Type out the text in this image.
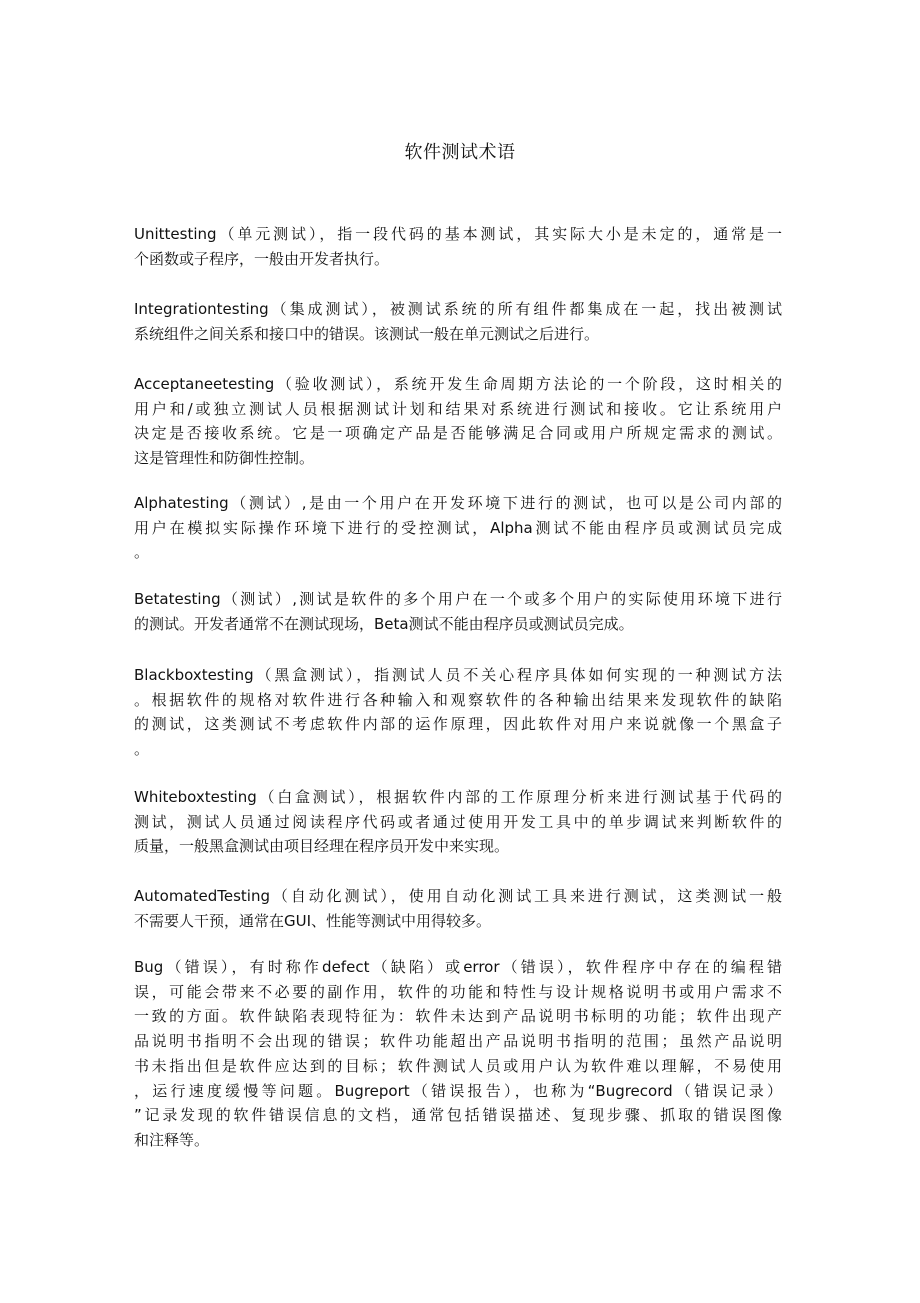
软件测试术语

Unittesting（单元测试），指一段代码的基本测试，其实际大小是未定的，通常是一
个函数或子程序，一般由开发者执行。

Integrationtesting（集成测试），被测试系统的所有组件都集成在一起，找出被测试
系统组件之间关系和接口中的错误。该测试一般在单元测试之后进行。

Acceptaneetesting（验收测试），系统开发生命周期方法论的一个阶段，这时相关的
用户和/或独立测试人员根据测试计划和结果对系统进行测试和接收。它让系统用户
决定是否接收系统。它是一项确定产品是否能够满足合同或用户所规定需求的测试。
这是管理性和防御性控制。

Alphatesting（测试）,是由一个用户在开发环境下进行的测试，也可以是公司内部的
用户在模拟实际操作环境下进行的受控测试，Alpha测试不能由程序员或测试员完成
。

Betatesting（测试）,测试是软件的多个用户在一个或多个用户的实际使用环境下进行
的测试。开发者通常不在测试现场，Beta测试不能由程序员或测试员完成。

Blackboxtesting（黑盒测试），指测试人员不关心程序具体如何实现的一种测试方法
。根据软件的规格对软件进行各种输入和观察软件的各种输出结果来发现软件的缺陷
的测试，这类测试不考虑软件内部的运作原理，因此软件对用户来说就像一个黑盒子
。

Whiteboxtesting（白盒测试），根据软件内部的工作原理分析来进行测试基于代码的
测试，测试人员通过阅读程序代码或者通过使用开发工具中的单步调试来判断软件的
质量，一般黑盒测试由项目经理在程序员开发中来实现。

AutomatedTesting（自动化测试），使用自动化测试工具来进行测试，这类测试一般
不需要人干预，通常在GUI、性能等测试中用得较多。

Bug（错误），有时称作defect（缺陷）或error（错误），软件程序中存在的编程错
误，可能会带来不必要的副作用，软件的功能和特性与设计规格说明书或用户需求不
一致的方面。软件缺陷表现特征为：软件未达到产品说明书标明的功能；软件出现产
品说明书指明不会出现的错误；软件功能超出产品说明书指明的范围；虽然产品说明
书未指出但是软件应达到的目标；软件测试人员或用户认为软件难以理解，不易使用
，运行速度缓慢等问题。Bugreport（错误报告），也称为“Bugrecord（错误记录）
”记录发现的软件错误信息的文档，通常包括错误描述、复现步骤、抓取的错误图像
和注释等。
